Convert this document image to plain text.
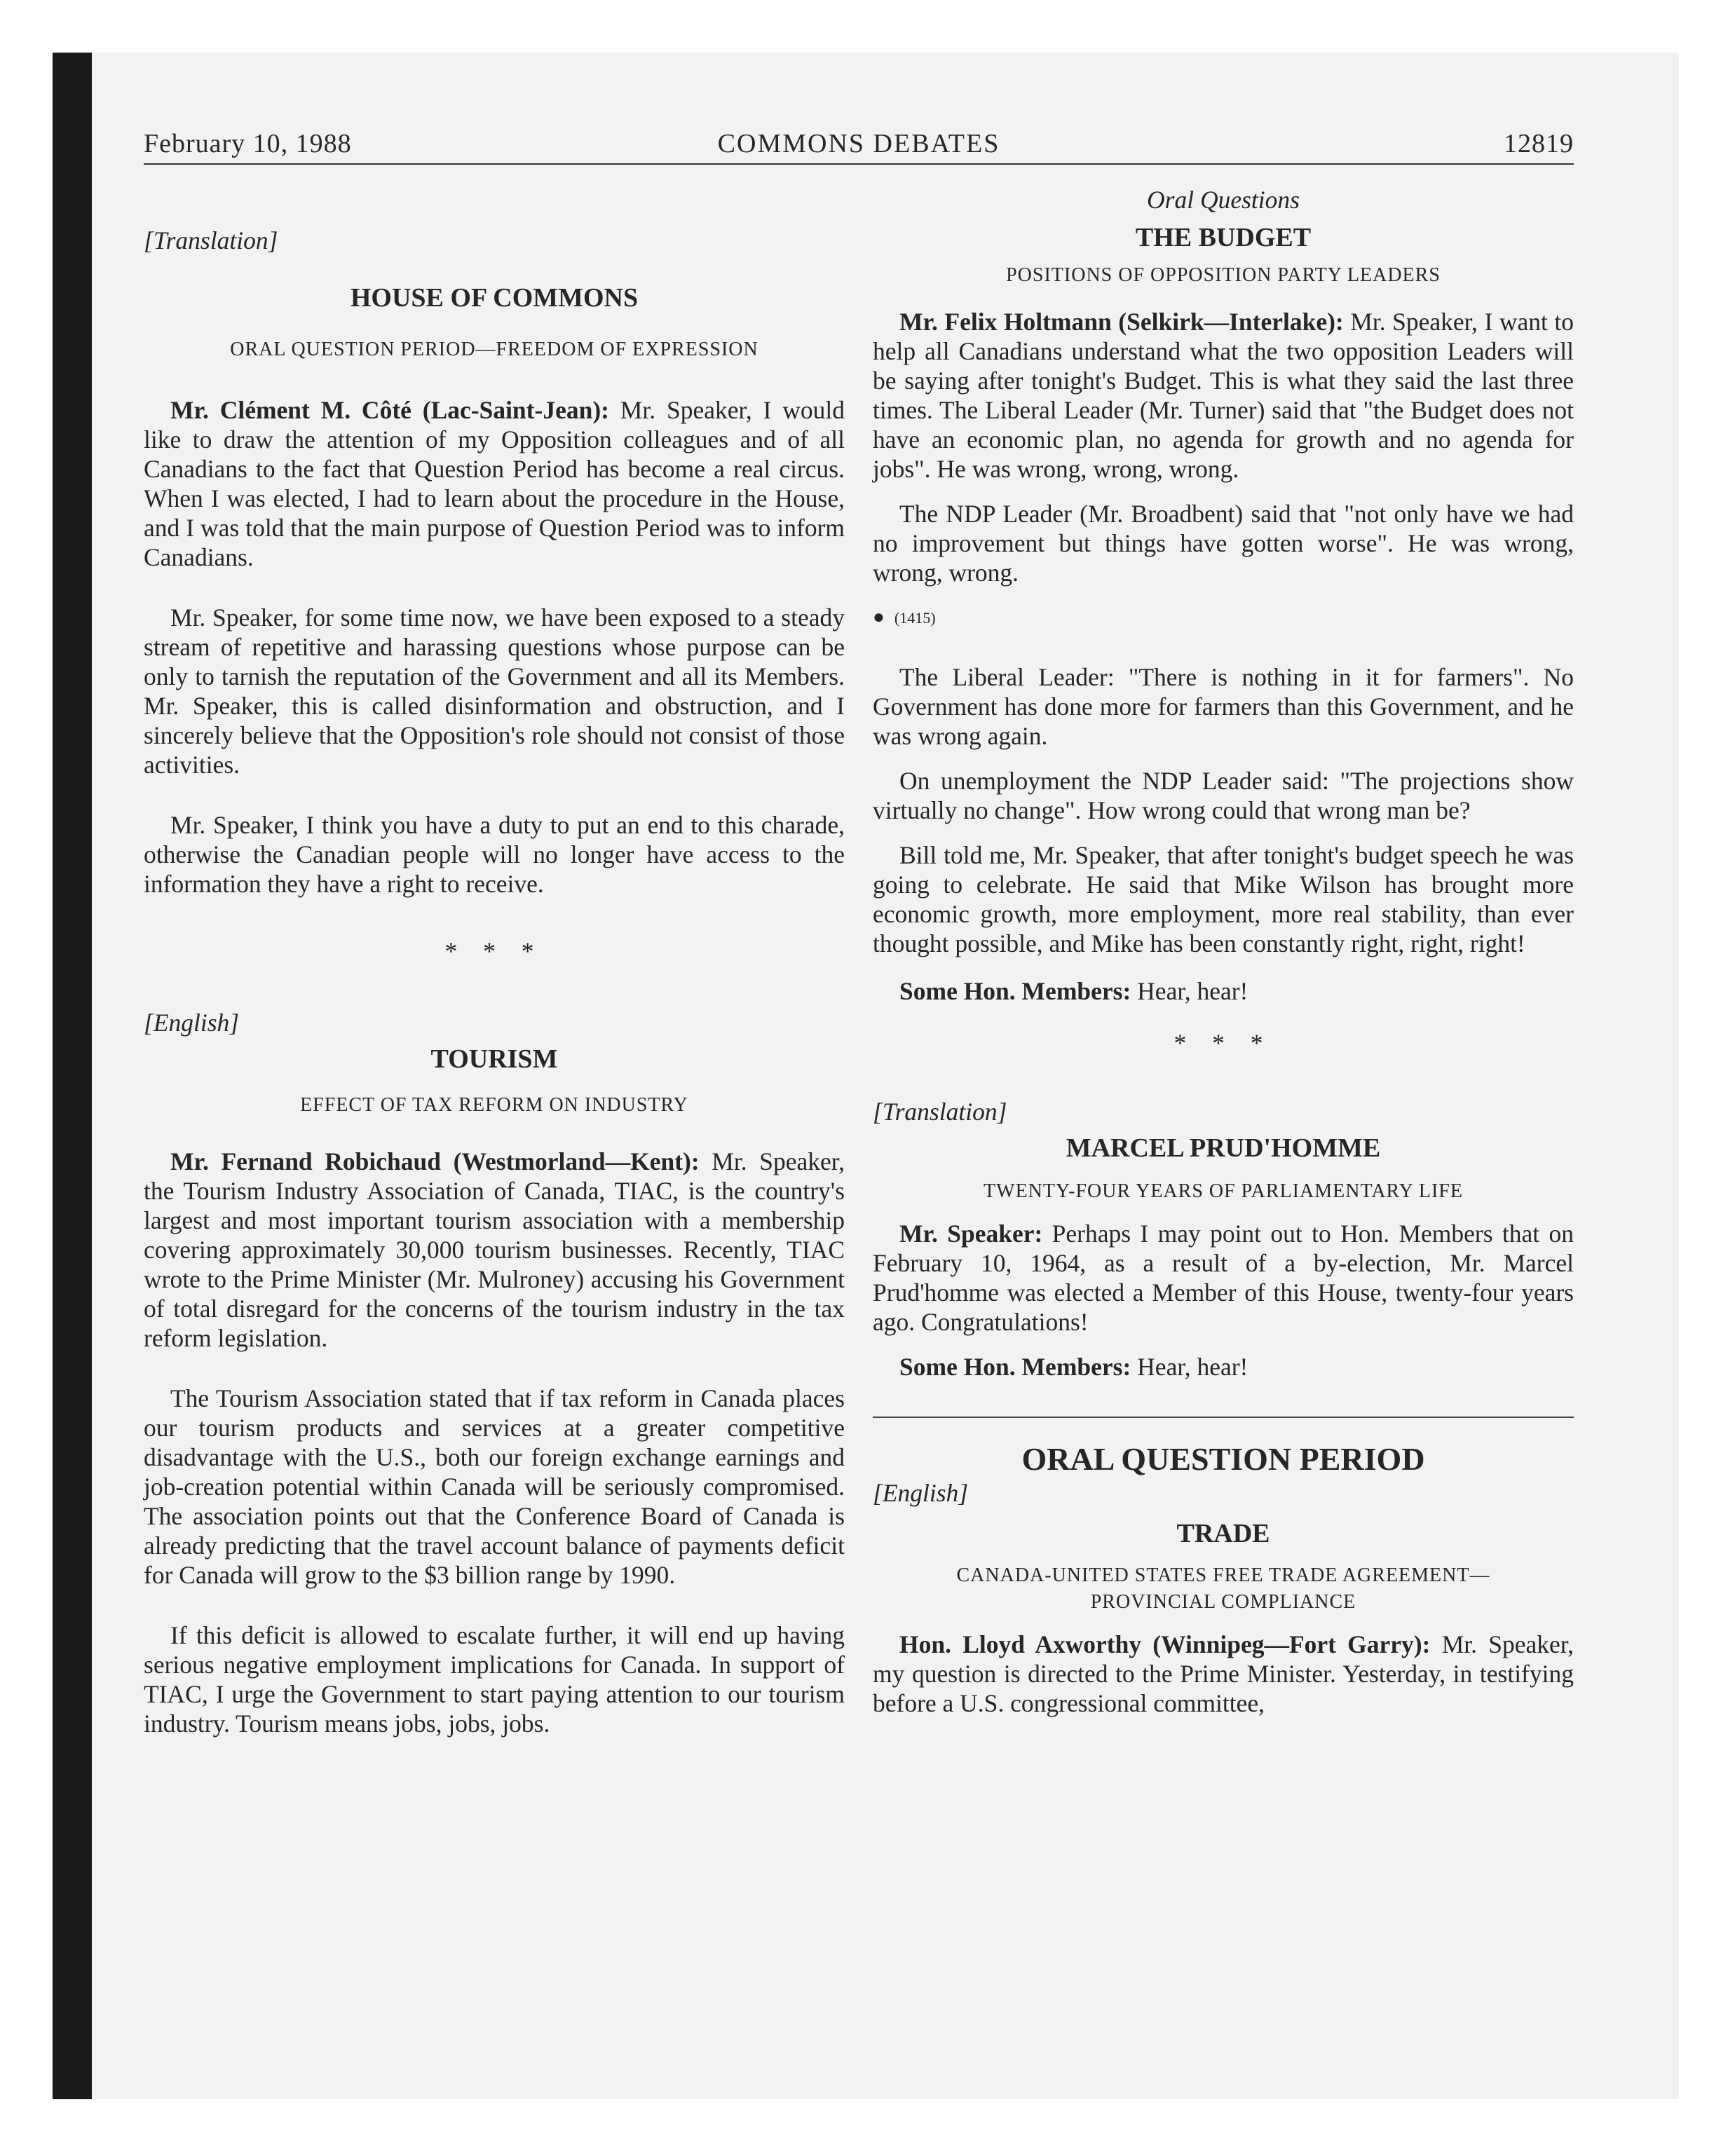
February 10, 1988	COMMONS DEBATES	12819

[Translation]

HOUSE OF COMMONS

ORAL QUESTION PERIOD—FREEDOM OF EXPRESSION

Mr. Clément M. Côté (Lac-Saint-Jean): Mr. Speaker, I would like to draw the attention of my Opposition colleagues and of all Canadians to the fact that Question Period has become a real circus. When I was elected, I had to learn about the procedure in the House, and I was told that the main purpose of Question Period was to inform Canadians.

Mr. Speaker, for some time now, we have been exposed to a steady stream of repetitive and harassing questions whose purpose can be only to tarnish the reputation of the Government and all its Members. Mr. Speaker, this is called disinformation and obstruction, and I sincerely believe that the Opposition's role should not consist of those activities.

Mr. Speaker, I think you have a duty to put an end to this charade, otherwise the Canadian people will no longer have access to the information they have a right to receive.

* * *

[English]

TOURISM

EFFECT OF TAX REFORM ON INDUSTRY

Mr. Fernand Robichaud (Westmorland—Kent): Mr. Speaker, the Tourism Industry Association of Canada, TIAC, is the country's largest and most important tourism association with a membership covering approximately 30,000 tourism businesses. Recently, TIAC wrote to the Prime Minister (Mr. Mulroney) accusing his Government of total disregard for the concerns of the tourism industry in the tax reform legislation.

The Tourism Association stated that if tax reform in Canada places our tourism products and services at a greater competitive disadvantage with the U.S., both our foreign exchange earnings and job-creation potential within Canada will be seriously compromised. The association points out that the Conference Board of Canada is already predicting that the travel account balance of payments deficit for Canada will grow to the $3 billion range by 1990.

If this deficit is allowed to escalate further, it will end up having serious negative employment implications for Canada. In support of TIAC, I urge the Government to start paying attention to our tourism industry. Tourism means jobs, jobs, jobs.

Oral Questions

THE BUDGET

POSITIONS OF OPPOSITION PARTY LEADERS

Mr. Felix Holtmann (Selkirk—Interlake): Mr. Speaker, I want to help all Canadians understand what the two opposition Leaders will be saying after tonight's Budget. This is what they said the last three times. The Liberal Leader (Mr. Turner) said that "the Budget does not have an economic plan, no agenda for growth and no agenda for jobs". He was wrong, wrong, wrong.

The NDP Leader (Mr. Broadbent) said that "not only have we had no improvement but things have gotten worse". He was wrong, wrong, wrong.

● (1415)

The Liberal Leader: "There is nothing in it for farmers". No Government has done more for farmers than this Government, and he was wrong again.

On unemployment the NDP Leader said: "The projections show virtually no change". How wrong could that wrong man be?

Bill told me, Mr. Speaker, that after tonight's budget speech he was going to celebrate. He said that Mike Wilson has brought more economic growth, more employment, more real stability, than ever thought possible, and Mike has been constantly right, right, right!

Some Hon. Members: Hear, hear!

* * *

[Translation]

MARCEL PRUD'HOMME

TWENTY-FOUR YEARS OF PARLIAMENTARY LIFE

Mr. Speaker: Perhaps I may point out to Hon. Members that on February 10, 1964, as a result of a by-election, Mr. Marcel Prud'homme was elected a Member of this House, twenty-four years ago. Congratulations!

Some Hon. Members: Hear, hear!

ORAL QUESTION PERIOD

[English]

TRADE

CANADA-UNITED STATES FREE TRADE AGREEMENT—
PROVINCIAL COMPLIANCE

Hon. Lloyd Axworthy (Winnipeg—Fort Garry): Mr. Speaker, my question is directed to the Prime Minister. Yesterday, in testifying before a U.S. congressional committee,
